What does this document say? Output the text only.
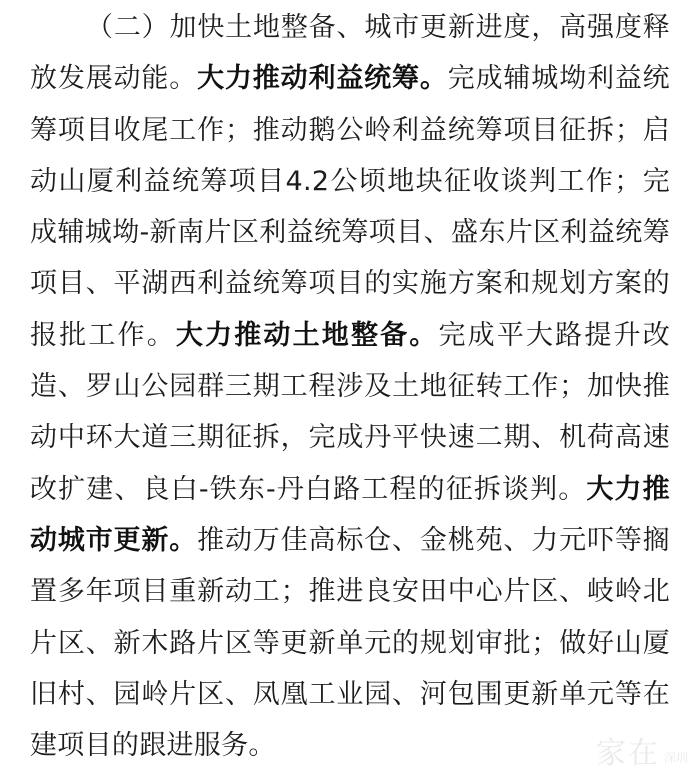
（二）加快土地整备、城市更新进度，高强度释放发展动能。大力推动利益统筹。完成辅城坳利益统筹项目收尾工作；推动鹅公岭利益统筹项目征拆；启动山厦利益统筹项目4.2公顷地块征收谈判工作；完成辅城坳-新南片区利益统筹项目、盛东片区利益统筹项目、平湖西利益统筹项目的实施方案和规划方案的报批工作。大力推动土地整备。完成平大路提升改造、罗山公园群三期工程涉及土地征转工作；加快推动中环大道三期征拆，完成丹平快速二期、机荷高速改扩建、良白-铁东-丹白路工程的征拆谈判。大力推动城市更新。推动万佳高标仓、金桃苑、力元吓等搁置多年项目重新动工；推进良安田中心片区、岐岭北片区、新木路片区等更新单元的规划审批；做好山厦旧村、园岭片区、凤凰工业园、河包围更新单元等在建项目的跟进服务。	家在 深圳
